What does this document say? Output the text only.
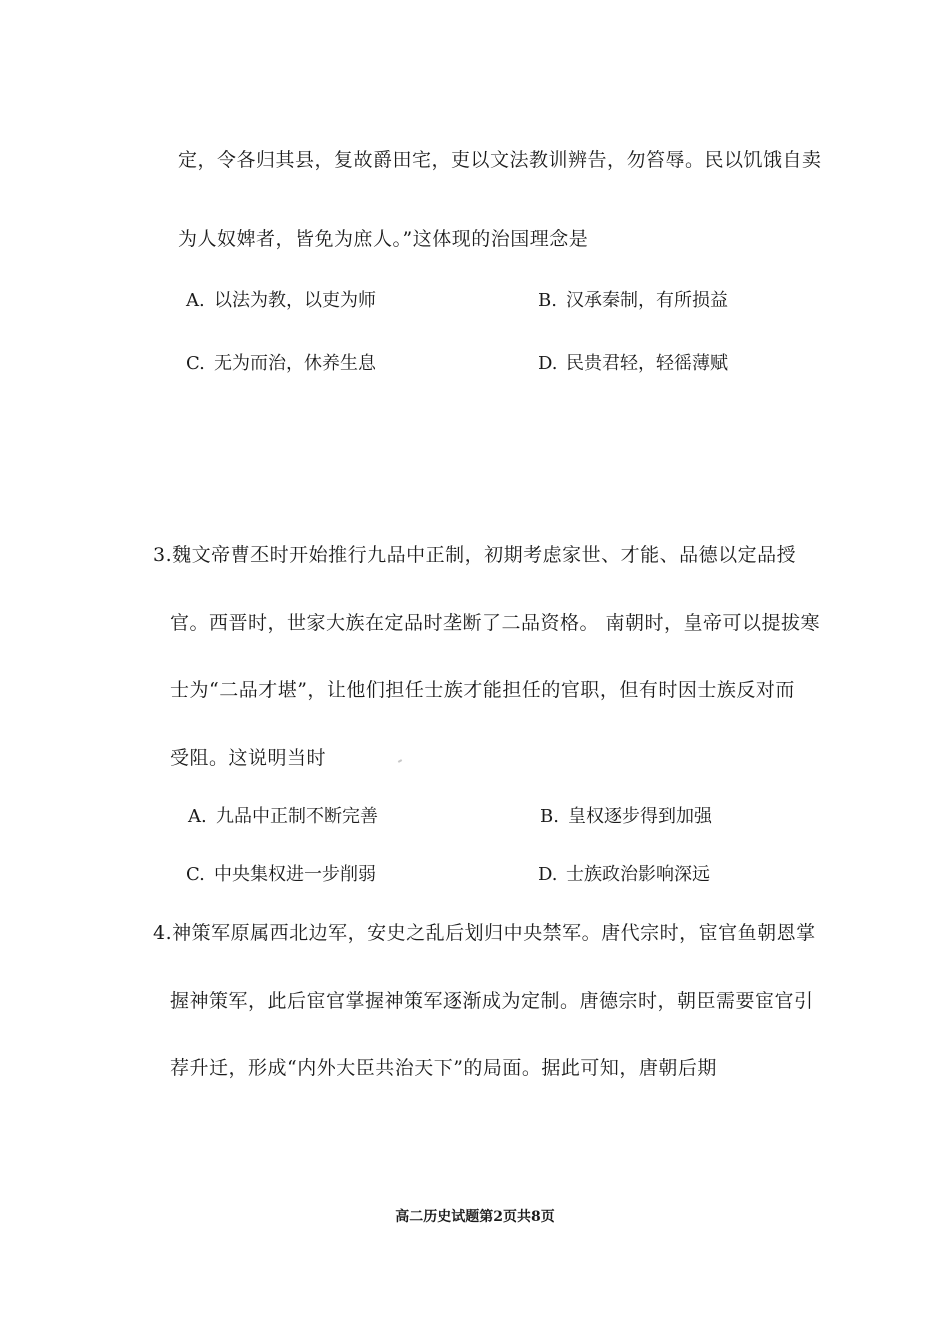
定，令各归其县，复故爵田宅，吏以文法教训辨告，勿笞辱。民以饥饿自卖
为人奴婢者，皆免为庶人。”这体现的治国理念是
A. 以法为教，以吏为师	B. 汉承秦制，有所损益
C. 无为而治，休养生息	D. 民贵君轻，轻徭薄赋
3.魏文帝曹丕时开始推行九品中正制，初期考虑家世、才能、品德以定品授
官。西晋时，世家大族在定品时垄断了二品资格。 南朝时，皇帝可以提拔寒
士为“二品才堪”，让他们担任士族才能担任的官职，但有时因士族反对而
受阻。这说明当时
A. 九品中正制不断完善	B. 皇权逐步得到加强
C. 中央集权进一步削弱	D. 士族政治影响深远
4.神策军原属西北边军，安史之乱后划归中央禁军。唐代宗时，宦官鱼朝恩掌
握神策军，此后宦官掌握神策军逐渐成为定制。唐德宗时，朝臣需要宦官引
荐升迁，形成“内外大臣共治天下”的局面。据此可知，唐朝后期
高二历史试题第2页共8页
